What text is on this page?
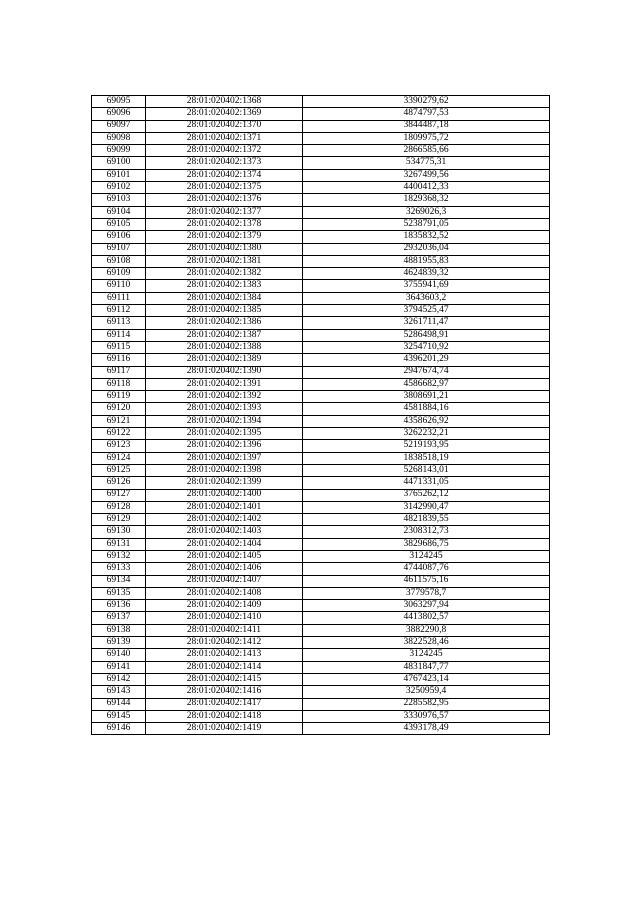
69095	28:01:020402:1368	3390279,62
69096	28:01:020402:1369	4874797,53
69097	28:01:020402:1370	3844487,18
69098	28:01:020402:1371	1809975,72
69099	28:01:020402:1372	2866585,66
69100	28:01:020402:1373	534775,31
69101	28:01:020402:1374	3267499,56
69102	28:01:020402:1375	4400412,33
69103	28:01:020402:1376	1829368,32
69104	28:01:020402:1377	3269026,3
69105	28:01:020402:1378	5238791,05
69106	28:01:020402:1379	1835832,52
69107	28:01:020402:1380	2932036,04
69108	28:01:020402:1381	4881955,83
69109	28:01:020402:1382	4624839,32
69110	28:01:020402:1383	3755941,69
69111	28:01:020402:1384	3643603,2
69112	28:01:020402:1385	3794525,47
69113	28:01:020402:1386	3261711,47
69114	28:01:020402:1387	5286498,91
69115	28:01:020402:1388	3254710,92
69116	28:01:020402:1389	4396201,29
69117	28:01:020402:1390	2947674,74
69118	28:01:020402:1391	4586682,97
69119	28:01:020402:1392	3808691,21
69120	28:01:020402:1393	4581884,16
69121	28:01:020402:1394	4358626,92
69122	28:01:020402:1395	3262232,21
69123	28:01:020402:1396	5219193,95
69124	28:01:020402:1397	1838518,19
69125	28:01:020402:1398	5268143,01
69126	28:01:020402:1399	4471331,05
69127	28:01:020402:1400	3765262,12
69128	28:01:020402:1401	3142990,47
69129	28:01:020402:1402	4821839,55
69130	28:01:020402:1403	2308312,73
69131	28:01:020402:1404	3829686,75
69132	28:01:020402:1405	3124245
69133	28:01:020402:1406	4744087,76
69134	28:01:020402:1407	4611575,16
69135	28:01:020402:1408	3779578,7
69136	28:01:020402:1409	3063297,94
69137	28:01:020402:1410	4413802,57
69138	28:01:020402:1411	3882290,8
69139	28:01:020402:1412	3822528,46
69140	28:01:020402:1413	3124245
69141	28:01:020402:1414	4831847,77
69142	28:01:020402:1415	4767423,14
69143	28:01:020402:1416	3250959,4
69144	28:01:020402:1417	2285582,95
69145	28:01:020402:1418	3330976,57
69146	28:01:020402:1419	4393178,49
